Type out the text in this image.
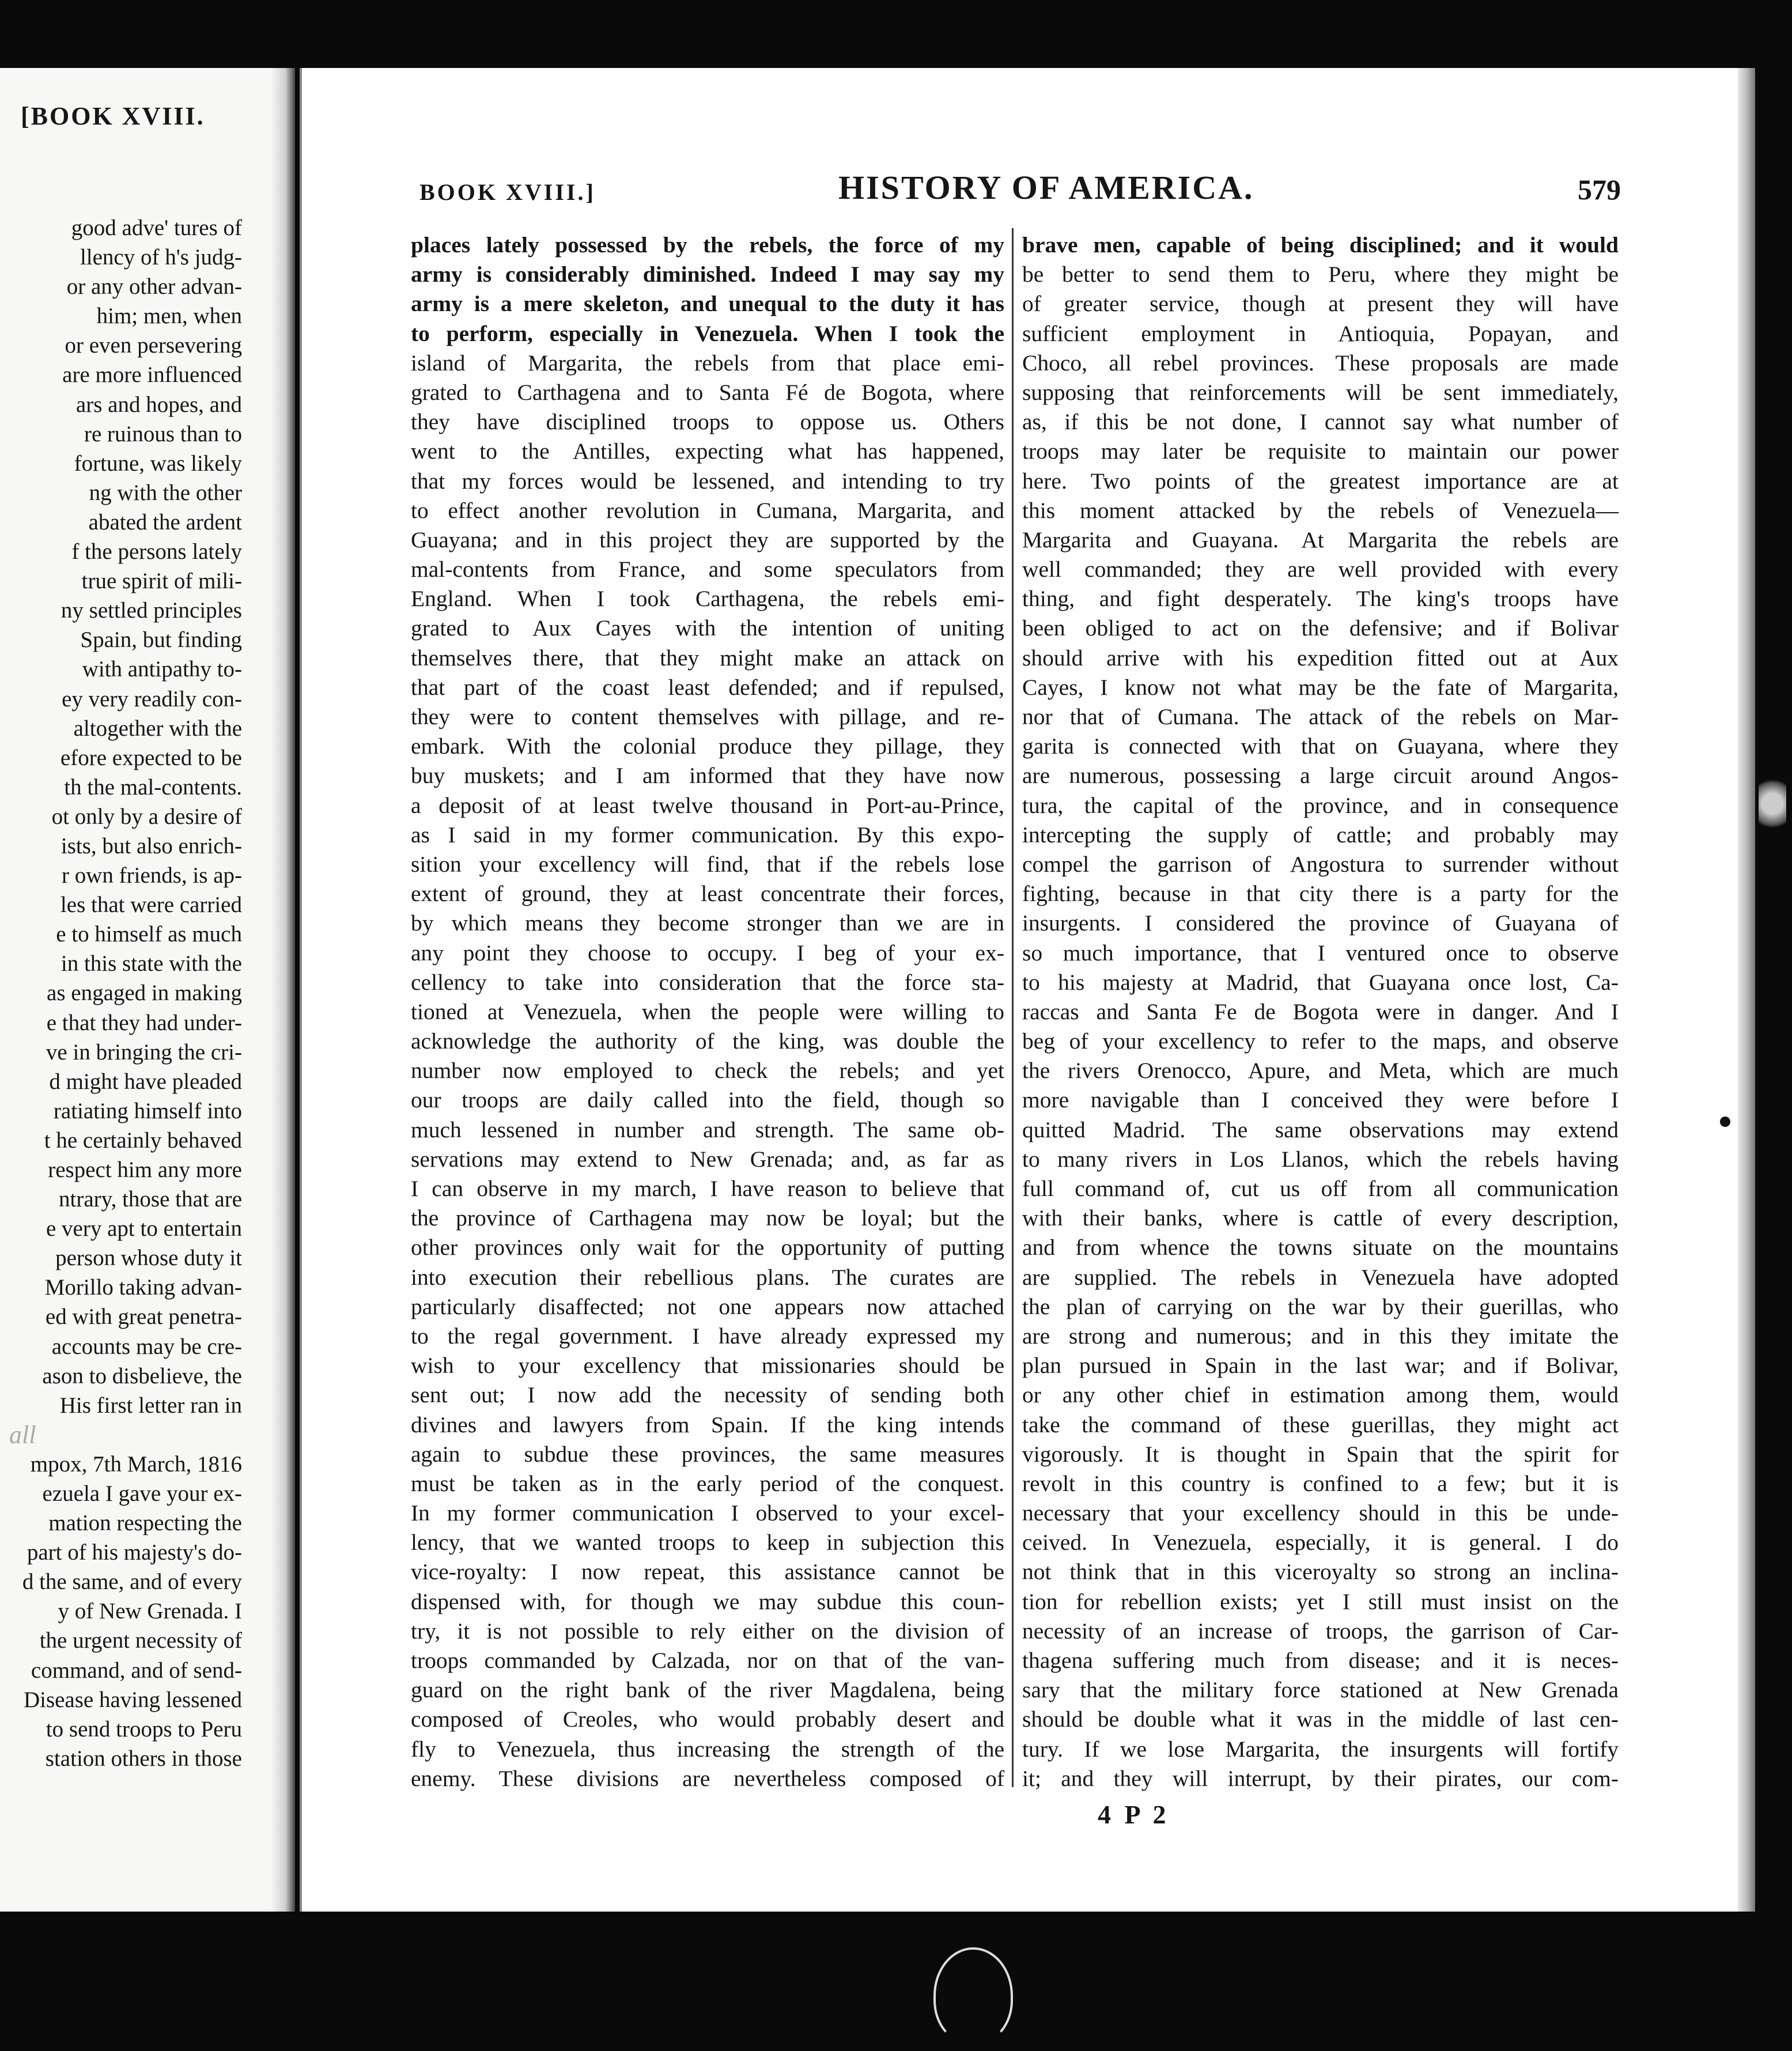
[BOOK XVIII.
good adve' tures of
llency of h's judg-
or any other advan-
him; men, when
or even persevering
are more influenced
ars and hopes, and
re ruinous than to
fortune, was likely
ng with the other
abated the ardent
f the persons lately
true spirit of mili-
ny settled principles
Spain, but finding
with antipathy to-
ey very readily con-
altogether with the
efore expected to be
th the mal-contents.
ot only by a desire of
ists, but also enrich-
r own friends, is ap-
les that were carried
e to himself as much
in this state with the
as engaged in making
e that they had under-
ve in bringing the cri-
d might have pleaded
ratiating himself into
t he certainly behaved
respect him any more
ntrary, those that are
e very apt to entertain
person whose duty it
Morillo taking advan-
ed with great penetra-
accounts may be cre-
ason to disbelieve, the
His first letter ran in
all
mpox, 7th March, 1816
ezuela I gave your ex-
mation respecting the
part of his majesty's do-
d the same, and of every
y of New Grenada. I
the urgent necessity of
command, and of send-
Disease having lessened
to send troops to Peru
station others in those

BOOK XVIII.]	HISTORY OF AMERICA.	579

places lately possessed by the rebels, the force of my
army is considerably diminished. Indeed I may say my
army is a mere skeleton, and unequal to the duty it has
to perform, especially in Venezuela. When I took the
island of Margarita, the rebels from that place emi-
grated to Carthagena and to Santa Fé de Bogota, where
they have disciplined troops to oppose us. Others
went to the Antilles, expecting what has happened,
that my forces would be lessened, and intending to try
to effect another revolution in Cumana, Margarita, and
Guayana; and in this project they are supported by the
mal-contents from France, and some speculators from
England. When I took Carthagena, the rebels emi-
grated to Aux Cayes with the intention of uniting
themselves there, that they might make an attack on
that part of the coast least defended; and if repulsed,
they were to content themselves with pillage, and re-
embark. With the colonial produce they pillage, they
buy muskets; and I am informed that they have now
a deposit of at least twelve thousand in Port-au-Prince,
as I said in my former communication. By this expo-
sition your excellency will find, that if the rebels lose
extent of ground, they at least concentrate their forces,
by which means they become stronger than we are in
any point they choose to occupy. I beg of your ex-
cellency to take into consideration that the force sta-
tioned at Venezuela, when the people were willing to
acknowledge the authority of the king, was double the
number now employed to check the rebels; and yet
our troops are daily called into the field, though so
much lessened in number and strength. The same ob-
servations may extend to New Grenada; and, as far as
I can observe in my march, I have reason to believe that
the province of Carthagena may now be loyal; but the
other provinces only wait for the opportunity of putting
into execution their rebellious plans. The curates are
particularly disaffected; not one appears now attached
to the regal government. I have already expressed my
wish to your excellency that missionaries should be
sent out; I now add the necessity of sending both
divines and lawyers from Spain. If the king intends
again to subdue these provinces, the same measures
must be taken as in the early period of the conquest.
In my former communication I observed to your excel-
lency, that we wanted troops to keep in subjection this
vice-royalty: I now repeat, this assistance cannot be
dispensed with, for though we may subdue this coun-
try, it is not possible to rely either on the division of
troops commanded by Calzada, nor on that of the van-
guard on the right bank of the river Magdalena, being
composed of Creoles, who would probably desert and
fly to Venezuela, thus increasing the strength of the
enemy. These divisions are nevertheless composed of
brave men, capable of being disciplined; and it would
be better to send them to Peru, where they might be
of greater service, though at present they will have
sufficient employment in Antioquia, Popayan, and
Choco, all rebel provinces. These proposals are made
supposing that reinforcements will be sent immediately,
as, if this be not done, I cannot say what number of
troops may later be requisite to maintain our power
here. Two points of the greatest importance are at
this moment attacked by the rebels of Venezuela—
Margarita and Guayana. At Margarita the rebels are
well commanded; they are well provided with every
thing, and fight desperately. The king's troops have
been obliged to act on the defensive; and if Bolivar
should arrive with his expedition fitted out at Aux
Cayes, I know not what may be the fate of Margarita,
nor that of Cumana. The attack of the rebels on Mar-
garita is connected with that on Guayana, where they
are numerous, possessing a large circuit around Angos-
tura, the capital of the province, and in consequence
intercepting the supply of cattle; and probably may
compel the garrison of Angostura to surrender without
fighting, because in that city there is a party for the
insurgents. I considered the province of Guayana of
so much importance, that I ventured once to observe
to his majesty at Madrid, that Guayana once lost, Ca-
raccas and Santa Fe de Bogota were in danger. And I
beg of your excellency to refer to the maps, and observe
the rivers Orenocco, Apure, and Meta, which are much
more navigable than I conceived they were before I
quitted Madrid. The same observations may extend
to many rivers in Los Llanos, which the rebels having
full command of, cut us off from all communication
with their banks, where is cattle of every description,
and from whence the towns situate on the mountains
are supplied. The rebels in Venezuela have adopted
the plan of carrying on the war by their guerillas, who
are strong and numerous; and in this they imitate the
plan pursued in Spain in the last war; and if Bolivar,
or any other chief in estimation among them, would
take the command of these guerillas, they might act
vigorously. It is thought in Spain that the spirit for
revolt in this country is confined to a few; but it is
necessary that your excellency should in this be unde-
ceived. In Venezuela, especially, it is general. I do
not think that in this viceroyalty so strong an inclina-
tion for rebellion exists; yet I still must insist on the
necessity of an increase of troops, the garrison of Car-
thagena suffering much from disease; and it is neces-
sary that the military force stationed at New Grenada
should be double what it was in the middle of last cen-
tury. If we lose Margarita, the insurgents will fortify
it; and they will interrupt, by their pirates, our com-

4 P 2
